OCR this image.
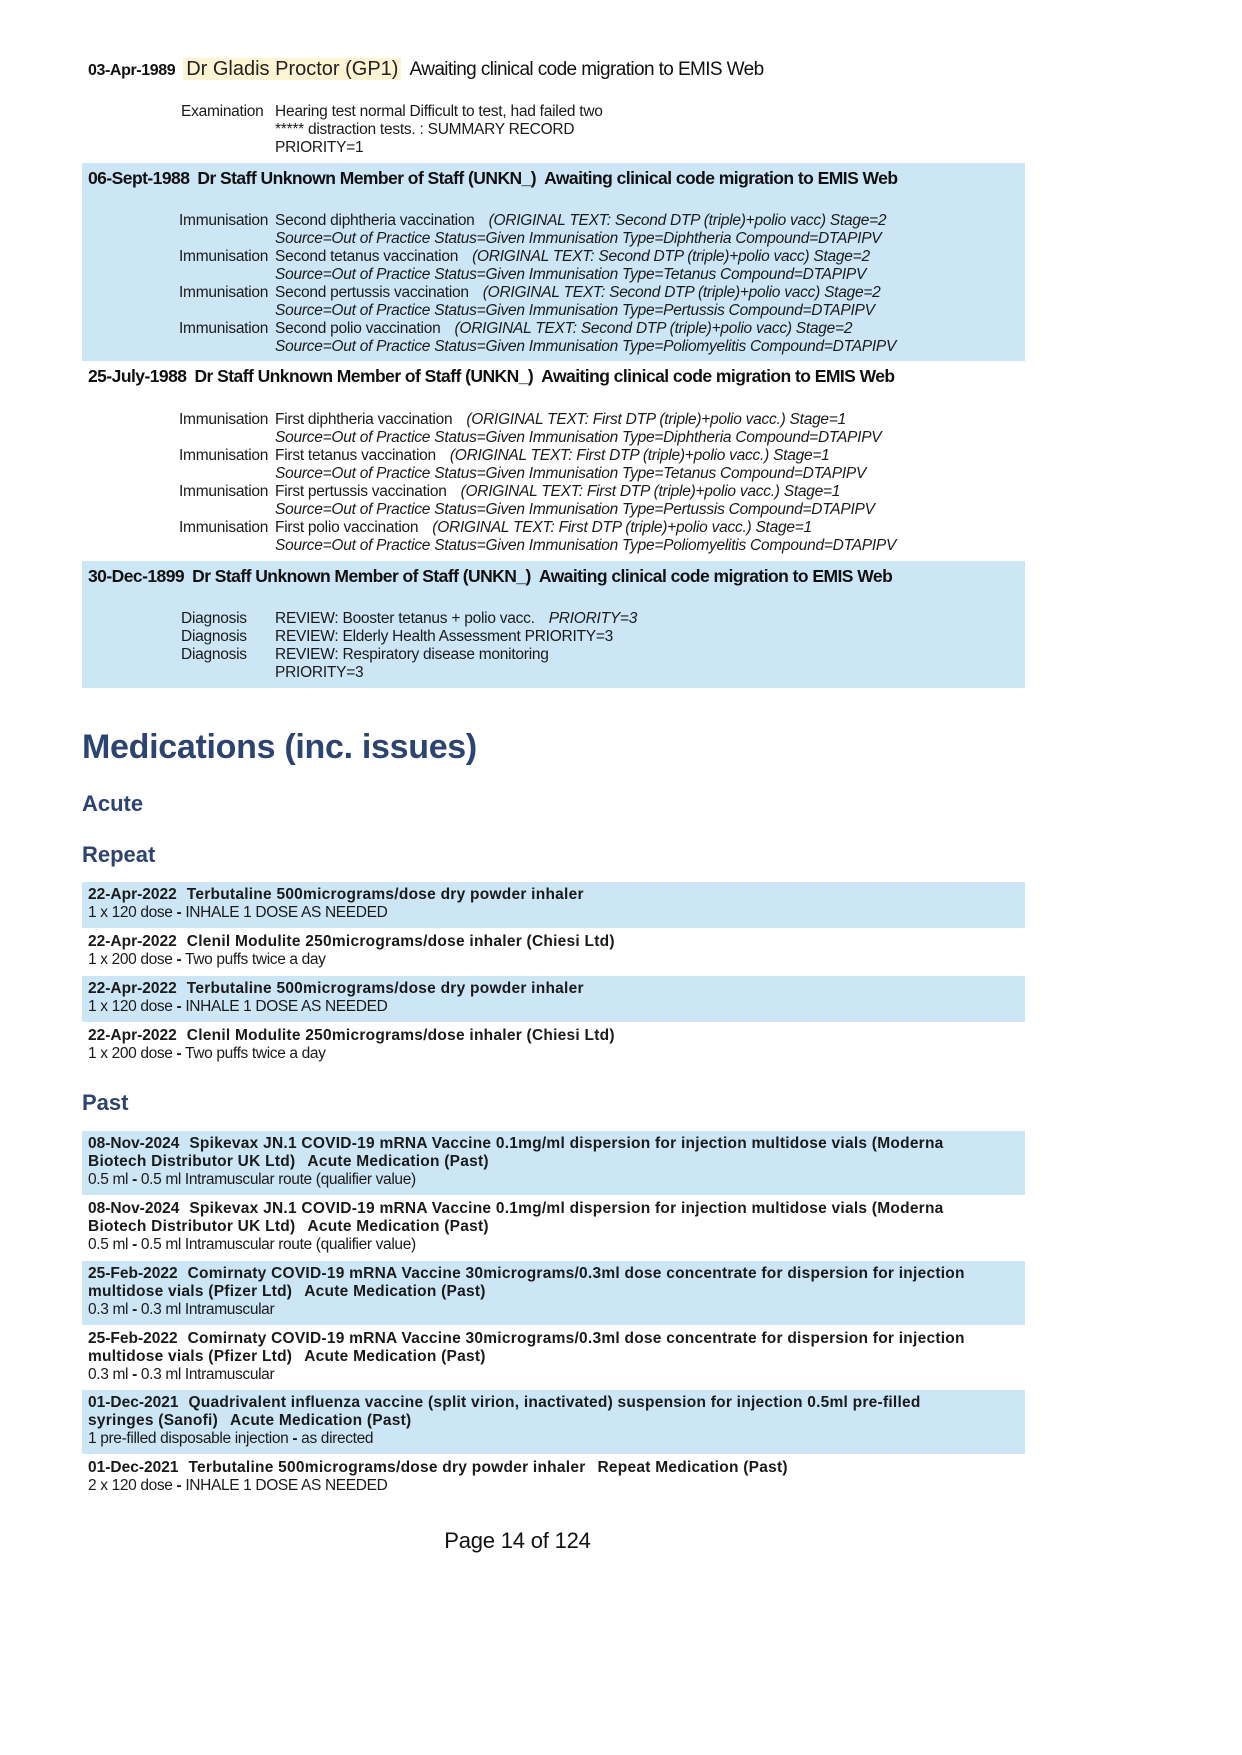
03-Apr-1989 Dr Gladis Proctor (GP1) Awaiting clinical code migration to EMIS Web
Examination Hearing test normal Difficult to test, had failed two
***** distraction tests. : SUMMARY RECORD
PRIORITY=1
06-Sept-1988 Dr Staff Unknown Member of Staff (UNKN_) Awaiting clinical code migration to EMIS Web
Immunisation Second diphtheria vaccination (ORIGINAL TEXT: Second DTP (triple)+polio vacc) Stage=2
Source=Out of Practice Status=Given Immunisation Type=Diphtheria Compound=DTAPIPV
Immunisation Second tetanus vaccination (ORIGINAL TEXT: Second DTP (triple)+polio vacc) Stage=2
Source=Out of Practice Status=Given Immunisation Type=Tetanus Compound=DTAPIPV
Immunisation Second pertussis vaccination (ORIGINAL TEXT: Second DTP (triple)+polio vacc) Stage=2
Source=Out of Practice Status=Given Immunisation Type=Pertussis Compound=DTAPIPV
Immunisation Second polio vaccination (ORIGINAL TEXT: Second DTP (triple)+polio vacc) Stage=2
Source=Out of Practice Status=Given Immunisation Type=Poliomyelitis Compound=DTAPIPV
25-July-1988 Dr Staff Unknown Member of Staff (UNKN_) Awaiting clinical code migration to EMIS Web
Immunisation First diphtheria vaccination (ORIGINAL TEXT: First DTP (triple)+polio vacc.) Stage=1
Source=Out of Practice Status=Given Immunisation Type=Diphtheria Compound=DTAPIPV
Immunisation First tetanus vaccination (ORIGINAL TEXT: First DTP (triple)+polio vacc.) Stage=1
Source=Out of Practice Status=Given Immunisation Type=Tetanus Compound=DTAPIPV
Immunisation First pertussis vaccination (ORIGINAL TEXT: First DTP (triple)+polio vacc.) Stage=1
Source=Out of Practice Status=Given Immunisation Type=Pertussis Compound=DTAPIPV
Immunisation First polio vaccination (ORIGINAL TEXT: First DTP (triple)+polio vacc.) Stage=1
Source=Out of Practice Status=Given Immunisation Type=Poliomyelitis Compound=DTAPIPV
30-Dec-1899 Dr Staff Unknown Member of Staff (UNKN_) Awaiting clinical code migration to EMIS Web
Diagnosis REVIEW: Booster tetanus + polio vacc. PRIORITY=3
Diagnosis REVIEW: Elderly Health Assessment PRIORITY=3
Diagnosis REVIEW: Respiratory disease monitoring
PRIORITY=3
Medications (inc. issues)
Acute
Repeat
22-Apr-2022 Terbutaline 500micrograms/dose dry powder inhaler
1 x 120 dose - INHALE 1 DOSE AS NEEDED
22-Apr-2022 Clenil Modulite 250micrograms/dose inhaler (Chiesi Ltd)
1 x 200 dose - Two puffs twice a day
22-Apr-2022 Terbutaline 500micrograms/dose dry powder inhaler
1 x 120 dose - INHALE 1 DOSE AS NEEDED
22-Apr-2022 Clenil Modulite 250micrograms/dose inhaler (Chiesi Ltd)
1 x 200 dose - Two puffs twice a day
Past
08-Nov-2024 Spikevax JN.1 COVID-19 mRNA Vaccine 0.1mg/ml dispersion for injection multidose vials (Moderna
Biotech Distributor UK Ltd) Acute Medication (Past)
0.5 ml - 0.5 ml Intramuscular route (qualifier value)
08-Nov-2024 Spikevax JN.1 COVID-19 mRNA Vaccine 0.1mg/ml dispersion for injection multidose vials (Moderna
Biotech Distributor UK Ltd) Acute Medication (Past)
0.5 ml - 0.5 ml Intramuscular route (qualifier value)
25-Feb-2022 Comirnaty COVID-19 mRNA Vaccine 30micrograms/0.3ml dose concentrate for dispersion for injection
multidose vials (Pfizer Ltd) Acute Medication (Past)
0.3 ml - 0.3 ml Intramuscular
25-Feb-2022 Comirnaty COVID-19 mRNA Vaccine 30micrograms/0.3ml dose concentrate for dispersion for injection
multidose vials (Pfizer Ltd) Acute Medication (Past)
0.3 ml - 0.3 ml Intramuscular
01-Dec-2021 Quadrivalent influenza vaccine (split virion, inactivated) suspension for injection 0.5ml pre-filled
syringes (Sanofi) Acute Medication (Past)
1 pre-filled disposable injection - as directed
01-Dec-2021 Terbutaline 500micrograms/dose dry powder inhaler Repeat Medication (Past)
2 x 120 dose - INHALE 1 DOSE AS NEEDED
Page 14 of 124
